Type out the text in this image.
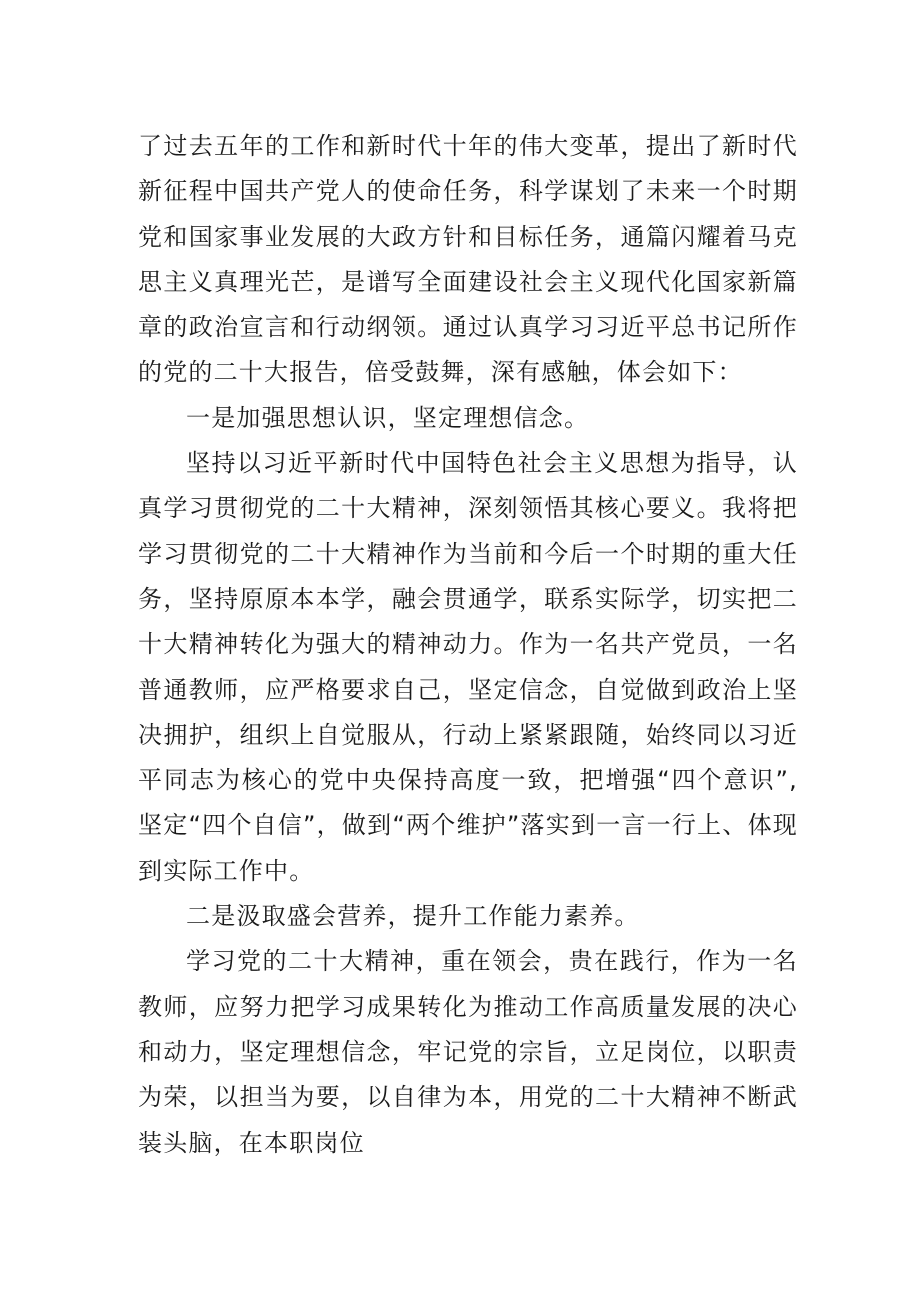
了过去五年的工作和新时代十年的伟大变革，提出了新时代新征程中国共产党人的使命任务，科学谋划了未来一个时期党和国家事业发展的大政方针和目标任务，通篇闪耀着马克思主义真理光芒，是谱写全面建设社会主义现代化国家新篇章的政治宣言和行动纲领。通过认真学习习近平总书记所作的党的二十大报告，倍受鼓舞，深有感触，体会如下：

一是加强思想认识，坚定理想信念。

坚持以习近平新时代中国特色社会主义思想为指导，认真学习贯彻党的二十大精神，深刻领悟其核心要义。我将把学习贯彻党的二十大精神作为当前和今后一个时期的重大任务，坚持原原本本学，融会贯通学，联系实际学，切实把二十大精神转化为强大的精神动力。作为一名共产党员，一名普通教师，应严格要求自己，坚定信念，自觉做到政治上坚决拥护，组织上自觉服从，行动上紧紧跟随，始终同以习近平同志为核心的党中央保持高度一致，把增强“四个意识”,坚定“四个自信”，做到“两个维护”落实到一言一行上、体现到实际工作中。

二是汲取盛会营养，提升工作能力素养。

学习党的二十大精神，重在领会，贵在践行，作为一名教师，应努力把学习成果转化为推动工作高质量发展的决心和动力，坚定理想信念，牢记党的宗旨，立足岗位，以职责为荣，以担当为要，以自律为本，用党的二十大精神不断武装头脑，在本职岗位
